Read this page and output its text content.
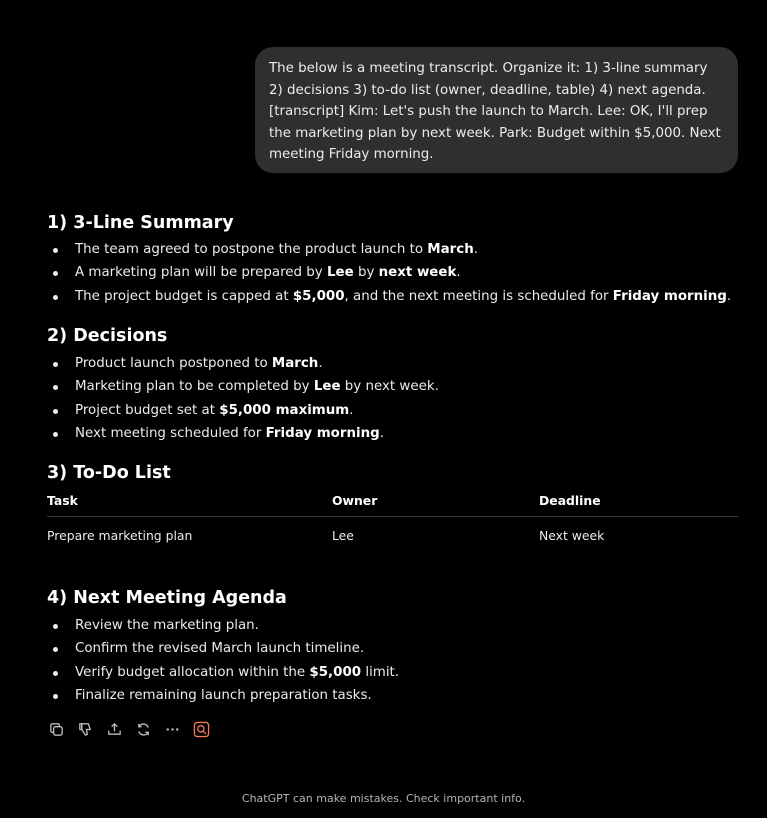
The below is a meeting transcript. Organize it: 1) 3-line summary 2) decisions 3) to-do list (owner, deadline, table) 4) next agenda. [transcript] Kim: Let's push the launch to March. Lee: OK, I'll prep the marketing plan by next week. Park: Budget within $5,000. Next meeting Friday morning.
1) 3-Line Summary
The team agreed to postpone the product launch to March.
A marketing plan will be prepared by Lee by next week.
The project budget is capped at $5,000, and the next meeting is scheduled for Friday morning.
2) Decisions
Product launch postponed to March.
Marketing plan to be completed by Lee by next week.
Project budget set at $5,000 maximum.
Next meeting scheduled for Friday morning.
3) To-Do List
Task	Owner	Deadline
Prepare marketing plan	Lee	Next week
4) Next Meeting Agenda
Review the marketing plan.
Confirm the revised March launch timeline.
Verify budget allocation within the $5,000 limit.
Finalize remaining launch preparation tasks.
ChatGPT can make mistakes. Check important info.
